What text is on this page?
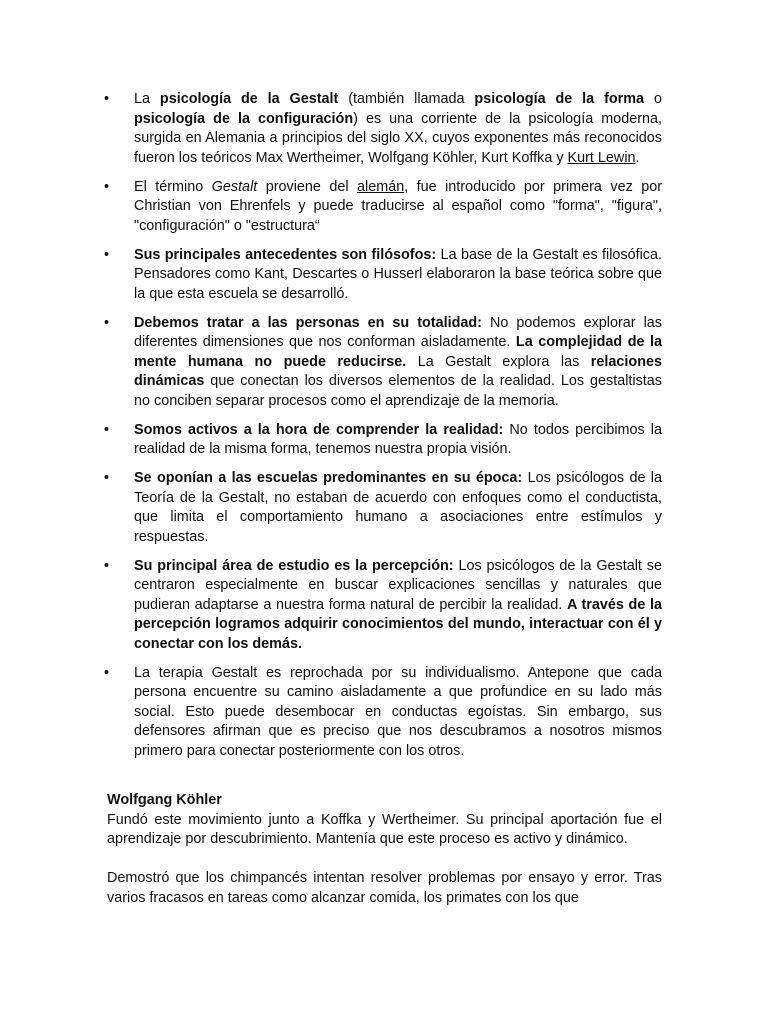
• La psicología de la Gestalt (también llamada psicología de la forma o psicología de la configuración) es una corriente de la psicología moderna, surgida en Alemania a principios del siglo XX, cuyos exponentes más reconocidos fueron los teóricos Max Wertheimer, Wolfgang Köhler, Kurt Koffka y Kurt Lewin.
• El término Gestalt proviene del alemán, fue introducido por primera vez por Christian von Ehrenfels y puede traducirse al español como "forma", "figura", "configuración" o "estructura“
• Sus principales antecedentes son filósofos: La base de la Gestalt es filosófica. Pensadores como Kant, Descartes o Husserl elaboraron la base teórica sobre que la que esta escuela se desarrolló.
• Debemos tratar a las personas en su totalidad: No podemos explorar las diferentes dimensiones que nos conforman aisladamente. La complejidad de la mente humana no puede reducirse. La Gestalt explora las relaciones dinámicas que conectan los diversos elementos de la realidad. Los gestaltistas no conciben separar procesos como el aprendizaje de la memoria.
• Somos activos a la hora de comprender la realidad: No todos percibimos la realidad de la misma forma, tenemos nuestra propia visión.
• Se oponían a las escuelas predominantes en su época: Los psicólogos de la Teoría de la Gestalt, no estaban de acuerdo con enfoques como el conductista, que limita el comportamiento humano a asociaciones entre estímulos y respuestas.
• Su principal área de estudio es la percepción: Los psicólogos de la Gestalt se centraron especialmente en buscar explicaciones sencillas y naturales que pudieran adaptarse a nuestra forma natural de percibir la realidad. A través de la percepción logramos adquirir conocimientos del mundo, interactuar con él y conectar con los demás.
• La terapia Gestalt es reprochada por su individualismo. Antepone que cada persona encuentre su camino aisladamente a que profundice en su lado más social. Esto puede desembocar en conductas egoístas. Sin embargo, sus defensores afirman que es preciso que nos descubramos a nosotros mismos primero para conectar posteriormente con los otros.

Wolfgang Köhler

Fundó este movimiento junto a Koffka y Wertheimer. Su principal aportación fue el aprendizaje por descubrimiento. Mantenía que este proceso es activo y dinámico.

Demostró que los chimpancés intentan resolver problemas por ensayo y error. Tras varios fracasos en tareas como alcanzar comida, los primates con los que
